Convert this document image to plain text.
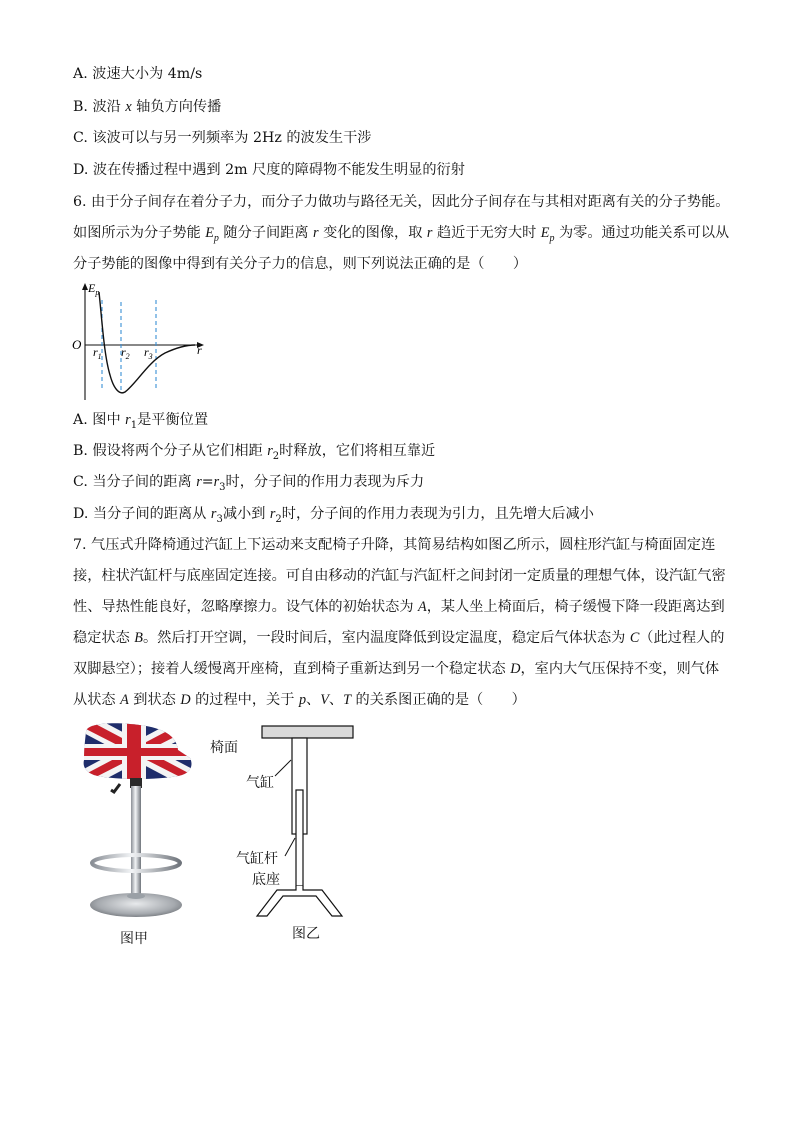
A. 波速大小为 4m/s
B. 波沿 x 轴负方向传播
C. 该波可以与另一列频率为 2Hz 的波发生干涉
D. 波在传播过程中遇到 2m 尺度的障碍物不能发生明显的衍射
6. 由于分子间存在着分子力，而分子力做功与路径无关，因此分子间存在与其相对距离有关的分子势能。
如图所示为分子势能 $E_p$ 随分子间距离 r 变化的图像，取 r 趋近于无穷大时 $E_p$ 为零。通过功能关系可以从
分子势能的图像中得到有关分子力的信息，则下列说法正确的是（　　）
$E_p$
O	r
$r_1$ $r_2$ $r_3$
A. 图中 $r_1$是平衡位置
B. 假设将两个分子从它们相距 $r_2$时释放，它们将相互靠近
C. 当分子间的距离 $r=r_3$时，分子间的作用力表现为斥力
D. 当分子间的距离从 $r_3$减小到 $r_2$时，分子间的作用力表现为引力，且先增大后减小
7. 气压式升降椅通过汽缸上下运动来支配椅子升降，其简易结构如图乙所示，圆柱形汽缸与椅面固定连
接，柱状汽缸杆与底座固定连接。可自由移动的汽缸与汽缸杆之间封闭一定质量的理想气体，设汽缸气密
性、导热性能良好，忽略摩擦力。设气体的初始状态为 A，某人坐上椅面后，椅子缓慢下降一段距离达到
稳定状态 B。然后打开空调，一段时间后，室内温度降低到设定温度，稳定后气体状态为 C（此过程人的
双脚悬空）；接着人缓慢离开座椅，直到椅子重新达到另一个稳定状态 D，室内大气压保持不变，则气体
从状态 A 到状态 D 的过程中，关于 p、V、T 的关系图正确的是（　　）
图甲
椅面
气缸
气缸杆
底座
图乙
